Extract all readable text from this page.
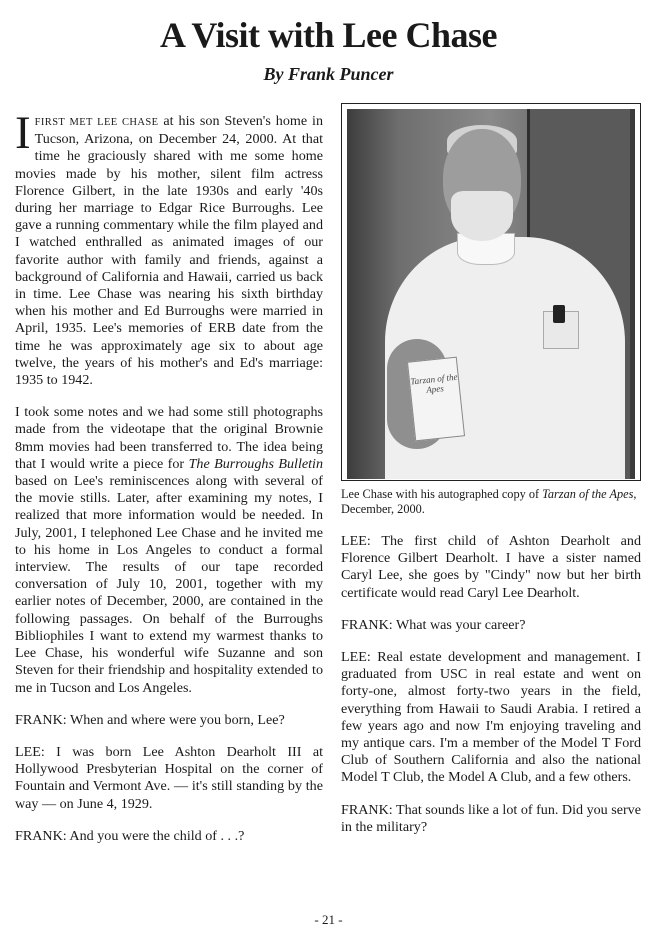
A Visit with Lee Chase
By Frank Puncer

IFIRST MET LEE CHASE at his son Steven's home in Tucson, Arizona, on December 24, 2000. At that time he graciously shared with me some home movies made by his mother, silent film actress Florence Gilbert, in the late 1930s and early '40s during her marriage to Edgar Rice Burroughs. Lee gave a running commentary while the film played and I watched enthralled as animated images of our favorite author with family and friends, against a background of California and Hawaii, carried us back in time. Lee Chase was nearing his sixth birthday when his mother and Ed Burroughs were married in April, 1935. Lee's memories of ERB date from the time he was approximately age six to about age twelve, the years of his mother's and Ed's marriage: 1935 to 1942.

I took some notes and we had some still photographs made from the videotape that the original Brownie 8mm movies had been transferred to. The idea being that I would write a piece for The Burroughs Bulletin based on Lee's reminiscences along with several of the movie stills. Later, after examining my notes, I realized that more information would be needed. In July, 2001, I telephoned Lee Chase and he invited me to his home in Los Angeles to conduct a formal interview. The results of our tape recorded conversation of July 10, 2001, together with my earlier notes of December, 2000, are contained in the following passages. On behalf of the Burroughs Bibliophiles I want to extend my warmest thanks to Lee Chase, his wonderful wife Suzanne and son Steven for their friendship and hospitality extended to me in Tucson and Los Angeles.

FRANK: When and where were you born, Lee?

LEE: I was born Lee Ashton Dearholt III at Hollywood Presbyterian Hospital on the corner of Fountain and Vermont Ave. — it's still standing by the way — on June 4, 1929.

FRANK: And you were the child of . . .?

Tarzan of the Apes
Lee Chase with his autographed copy of Tarzan of the Apes, December, 2000.

LEE: The first child of Ashton Dearholt and Florence Gilbert Dearholt. I have a sister named Caryl Lee, she goes by "Cindy" now but her birth certificate would read Caryl Lee Dearholt.

FRANK: What was your career?

LEE: Real estate development and management. I graduated from USC in real estate and went on forty-one, almost forty-two years in the field, everything from Hawaii to Saudi Arabia. I retired a few years ago and now I'm enjoying traveling and my antique cars. I'm a member of the Model T Ford Club of Southern California and also the national Model T Club, the Model A Club, and a few others.

FRANK: That sounds like a lot of fun. Did you serve in the military?

- 21 -
